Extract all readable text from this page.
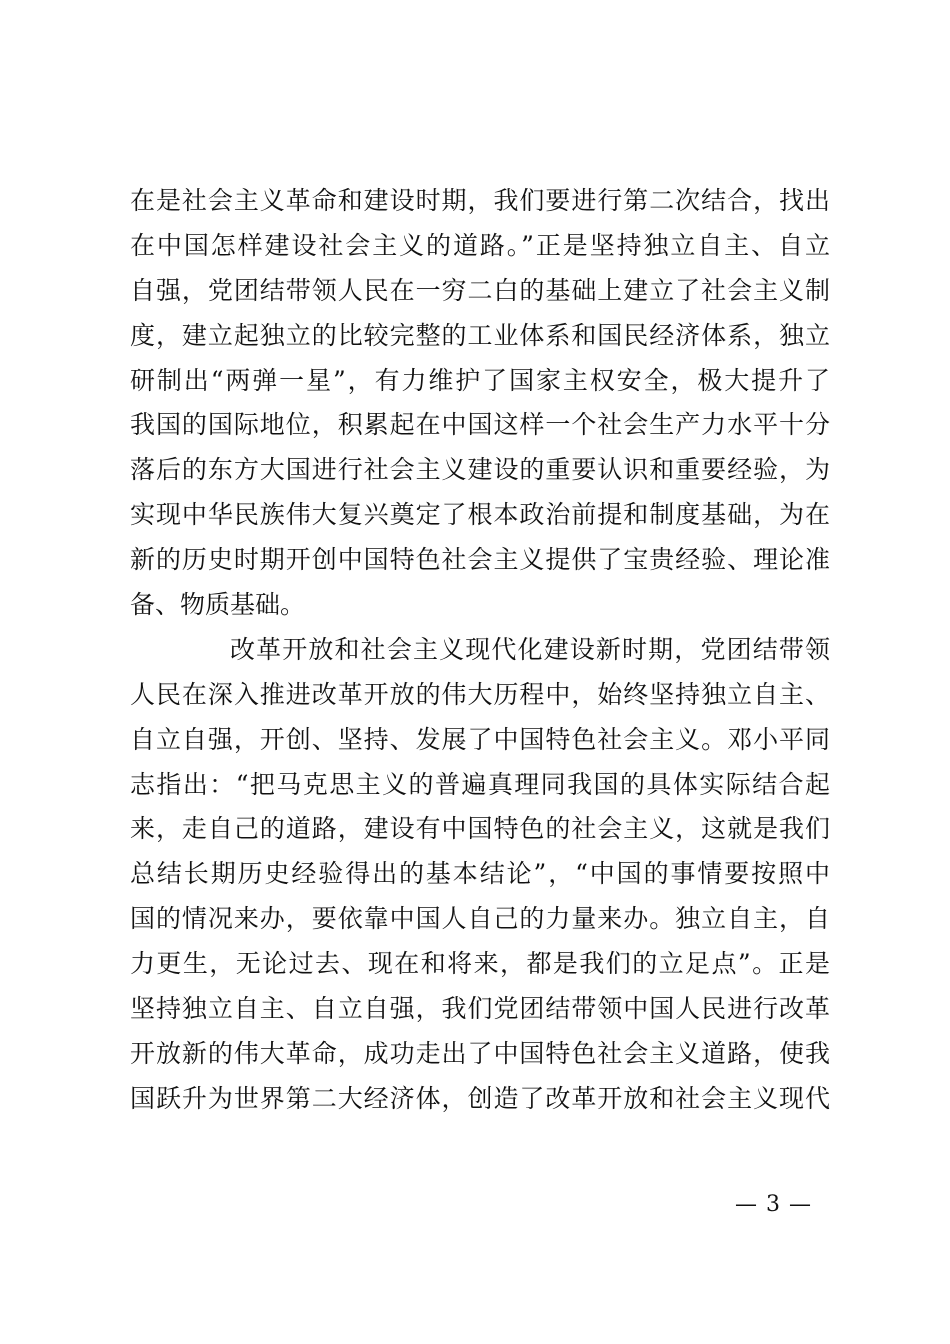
在是社会主义革命和建设时期，我们要进行第二次结合，找出
在中国怎样建设社会主义的道路。”正是坚持独立自主、自立
自强，党团结带领人民在一穷二白的基础上建立了社会主义制
度，建立起独立的比较完整的工业体系和国民经济体系，独立
研制出“两弹一星”，有力维护了国家主权安全，极大提升了
我国的国际地位，积累起在中国这样一个社会生产力水平十分
落后的东方大国进行社会主义建设的重要认识和重要经验，为
实现中华民族伟大复兴奠定了根本政治前提和制度基础，为在
新的历史时期开创中国特色社会主义提供了宝贵经验、理论准
备、物质基础。
改革开放和社会主义现代化建设新时期，党团结带领
人民在深入推进改革开放的伟大历程中，始终坚持独立自主、
自立自强，开创、坚持、发展了中国特色社会主义。邓小平同
志指出：“把马克思主义的普遍真理同我国的具体实际结合起
来，走自己的道路，建设有中国特色的社会主义，这就是我们
总结长期历史经验得出的基本结论”，“中国的事情要按照中
国的情况来办，要依靠中国人自己的力量来办。独立自主，自
力更生，无论过去、现在和将来，都是我们的立足点”。正是
坚持独立自主、自立自强，我们党团结带领中国人民进行改革
开放新的伟大革命，成功走出了中国特色社会主义道路，使我
国跃升为世界第二大经济体，创造了改革开放和社会主义现代
— 3 —
